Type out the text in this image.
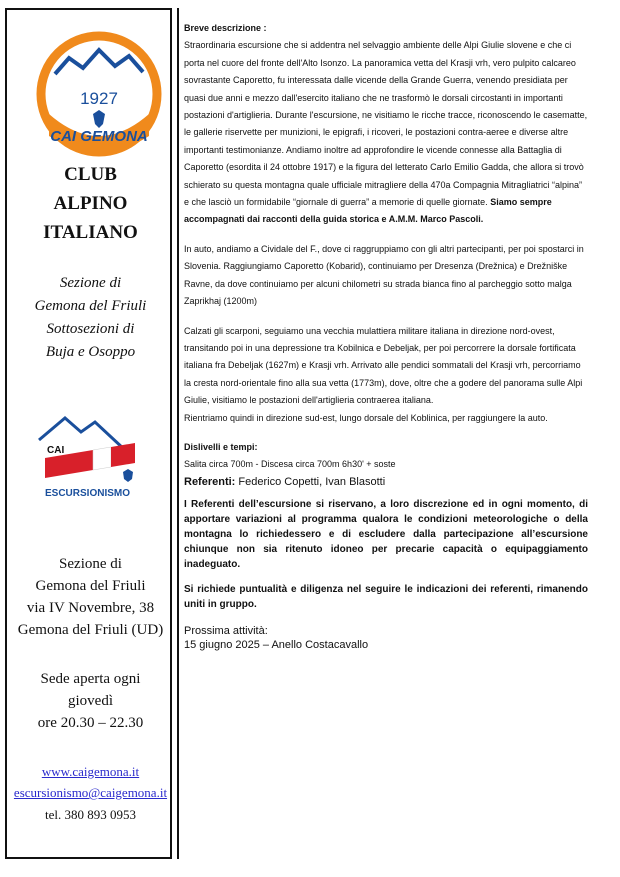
1927
CAI GEMONA
CLUB
ALPINO
ITALIANO
Sezione di
Gemona del Friuli
Sottosezioni di
Buja e Osoppo
CAI
ESCURSIONISMO
Sezione di
Gemona del Friuli
via IV Novembre, 38
Gemona del Friuli (UD)
Sede aperta ogni
giovedì
ore 20.30 – 22.30
www.caigemona.it
escursionismo@caigemona.it
tel. 380 893 0953

Breve descrizione :

Straordinaria escursione che si addentra nel selvaggio ambiente delle Alpi Giulie slovene e che ci porta nel cuore del fronte dell'Alto Isonzo. La panoramica vetta del Krasji vrh, vero pulpito calcareo sovrastante Caporetto, fu interessata dalle vicende della Grande Guerra, venendo presidiata per quasi due anni e mezzo dall'esercito italiano che ne trasformò le dorsali circostanti in importanti postazioni d'artiglieria. Durante l'escursione, ne visitiamo le ricche tracce, riconoscendo le casematte, le gallerie riservette per munizioni, le epigrafi, i ricoveri, le postazioni contra-aeree e diverse altre importanti testimonianze. Andiamo inoltre ad approfondire le vicende connesse alla Battaglia di Caporetto (esordita il 24 ottobre 1917) e la figura del letterato Carlo Emilio Gadda, che allora si trovò schierato su questa montagna quale ufficiale mitragliere della 470a Compagnia Mitragliatrici “alpina” e che lasciò un formidabile “giornale di guerra” a memorie di quelle giornate. Siamo sempre accompagnati dai racconti della guida storica e A.M.M. Marco Pascoli.

In auto, andiamo a Cividale del F., dove ci raggruppiamo con gli altri partecipanti, per poi spostarci in Slovenia. Raggiungiamo Caporetto (Kobarid), continuiamo per Dresenza (Drežnica) e Drežniške Ravne, da dove continuiamo per alcuni chilometri su strada bianca fino al parcheggio sotto malga Zaprikhaj (1200m)

Calzati gli scarponi, seguiamo una vecchia mulattiera militare italiana in direzione nord-ovest, transitando poi in una depressione tra Kobilnica e Debeljak, per poi percorrere la dorsale fortificata italiana fra Debeljak (1627m) e Krasji vrh. Arrivato alle pendici sommatali del Krasji vrh, percorriamo la cresta nord-orientale fino alla sua vetta (1773m), dove, oltre che a godere del panorama sulle Alpi Giulie, visitiamo le postazioni dell'artiglieria contraerea italiana.

Rientriamo quindi in direzione sud-est, lungo dorsale del Koblinica, per raggiungere la auto.

Dislivelli e tempi:

Salita circa 700m - Discesa circa 700m 6h30' + soste

Referenti: Federico Copetti, Ivan Blasotti

I Referenti dell’escursione si riservano, a loro discrezione ed in ogni momento, di apportare variazioni al programma qualora le condizioni meteorologiche o della montagna lo richiedessero e di escludere dalla partecipazione all’escursione chiunque non sia ritenuto idoneo per precarie capacità o equipaggiamento inadeguato.

Si richiede puntualità e diligenza nel seguire le indicazioni dei referenti, rimanendo uniti in gruppo.

Prossima attività:

15 giugno 2025 – Anello Costacavallo
